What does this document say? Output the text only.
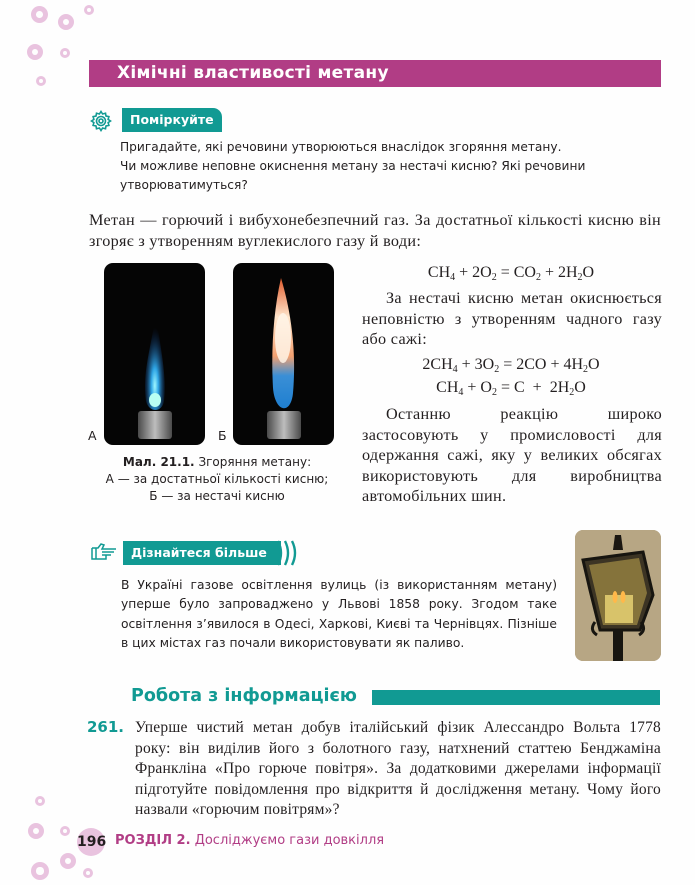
Хімічні властивості метану
Поміркуйте
Пригадайте, які речовини утворюються внаслідок згоряння метану.
Чи можливе неповне окиснення метану за нестачі кисню? Які речовини утворюватимуться?
Метан — горючий і вибухонебезпечний газ. За достатньої кількості кисню він згоряє з утворенням вуглекислого газу й води:
А	Б
Мал. 21.1. Згоряння метану:
А — за достатньої кількості кисню;
Б — за нестачі кисню
$CH_4 + 2O_2 = CO_2 + 2H_2O$
За нестачі кисню метан окиснюється неповністю з утворенням чадного газу або сажі:
$2CH_4 + 3O_2 = 2CO + 4H_2O$
$CH_4 + O_2 = C + 2H_2O$
Останню реакцію широко застосовують у промисловості для одержання сажі, яку у великих обсягах використовують для виробництва автомобільних шин.
Дізнайтеся більше
В Україні газове освітлення вулиць (із використанням метану) уперше було запроваджено у Львові 1858 року. Згодом таке освітлення з’явилося в Одесі, Харкові, Києві та Чернівцях. Пізніше в цих містах газ почали використовувати як паливо.
Робота з інформацією
261. Уперше чистий метан добув італійський фізик Алессандро Вольта 1778 року: він виділив його з болотного газу, натхнений статтею Бенджаміна Франкліна «Про горюче повітря». За додатковими джерелами інформації підготуйте повідомлення про відкриття й дослідження метану. Чому його назвали «горючим повітрям»?
196 РОЗДІЛ 2. Досліджуємо гази довкілля
